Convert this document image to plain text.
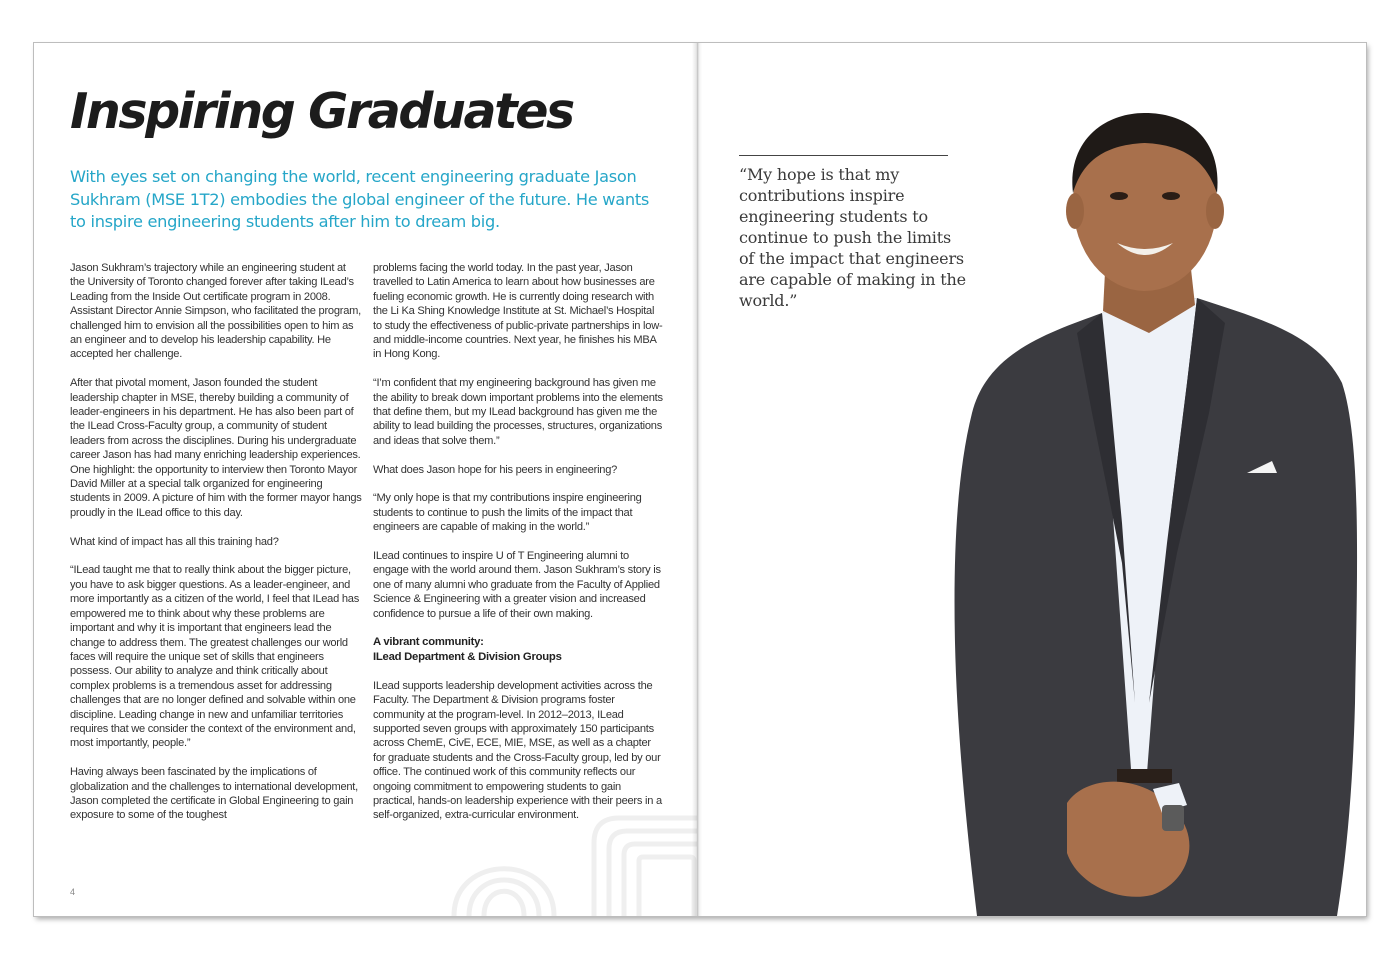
Inspiring Graduates

With eyes set on changing the world, recent engineering graduate Jason Sukhram (MSE 1T2) embodies the global engineer of the future. He wants to inspire engineering students after him to dream big.

Jason Sukhram’s trajectory while an engineering student at the University of Toronto changed forever after taking ILead’s Leading from the Inside Out certificate program in 2008. Assistant Director Annie Simpson, who facilitated the program, challenged him to envision all the possibilities open to him as an engineer and to develop his leadership capability. He accepted her challenge.

After that pivotal moment, Jason founded the student leadership chapter in MSE, thereby building a community of leader-engineers in his department. He has also been part of the ILead Cross-Faculty group, a community of student leaders from across the disciplines. During his undergraduate career Jason has had many enriching leadership experiences. One highlight: the opportunity to interview then Toronto Mayor David Miller at a special talk organized for engineering students in 2009. A picture of him with the former mayor hangs proudly in the ILead office to this day.

What kind of impact has all this training had?

“ILead taught me that to really think about the bigger picture, you have to ask bigger questions. As a leader-engineer, and more importantly as a citizen of the world, I feel that ILead has empowered me to think about why these problems are important and why it is important that engineers lead the change to address them. The greatest challenges our world faces will require the unique set of skills that engineers possess. Our ability to analyze and think critically about complex problems is a tremendous asset for addressing challenges that are no longer defined and solvable within one discipline. Leading change in new and unfamiliar territories requires that we consider the context of the environment and, most importantly, people.”

Having always been fascinated by the implications of globalization and the challenges to international development, Jason completed the certificate in Global Engineering to gain exposure to some of the toughest

problems facing the world today. In the past year, Jason travelled to Latin America to learn about how businesses are fueling economic growth. He is currently doing research with the Li Ka Shing Knowledge Institute at St. Michael’s Hospital to study the effectiveness of public-private partnerships in low- and middle-income countries. Next year, he finishes his MBA in Hong Kong.

“I’m confident that my engineering background has given me the ability to break down important problems into the elements that define them, but my ILead background has given me the ability to lead building the processes, structures, organizations and ideas that solve them.”

What does Jason hope for his peers in engineering?

“My only hope is that my contributions inspire engineering students to continue to push the limits of the impact that engineers are capable of making in the world.”

ILead continues to inspire U of T Engineering alumni to engage with the world around them. Jason Sukhram’s story is one of many alumni who graduate from the Faculty of Applied Science & Engineering with a greater vision and increased confidence to pursue a life of their own making.

A vibrant community:
ILead Department & Division Groups

ILead supports leadership development activities across the Faculty. The Department & Division programs foster community at the program-level. In 2012–2013, ILead supported seven groups with approximately 150 participants across ChemE, CivE, ECE, MIE, MSE, as well as a chapter for graduate students and the Cross-Faculty group, led by our office. The continued work of this community reflects our ongoing commitment to empowering students to gain practical, hands-on leadership experience with their peers in a self-organized, extra-curricular environment.

4

“My hope is that my contributions inspire engineering students to continue to push the limits of the impact that engineers are capable of making in the world.”
